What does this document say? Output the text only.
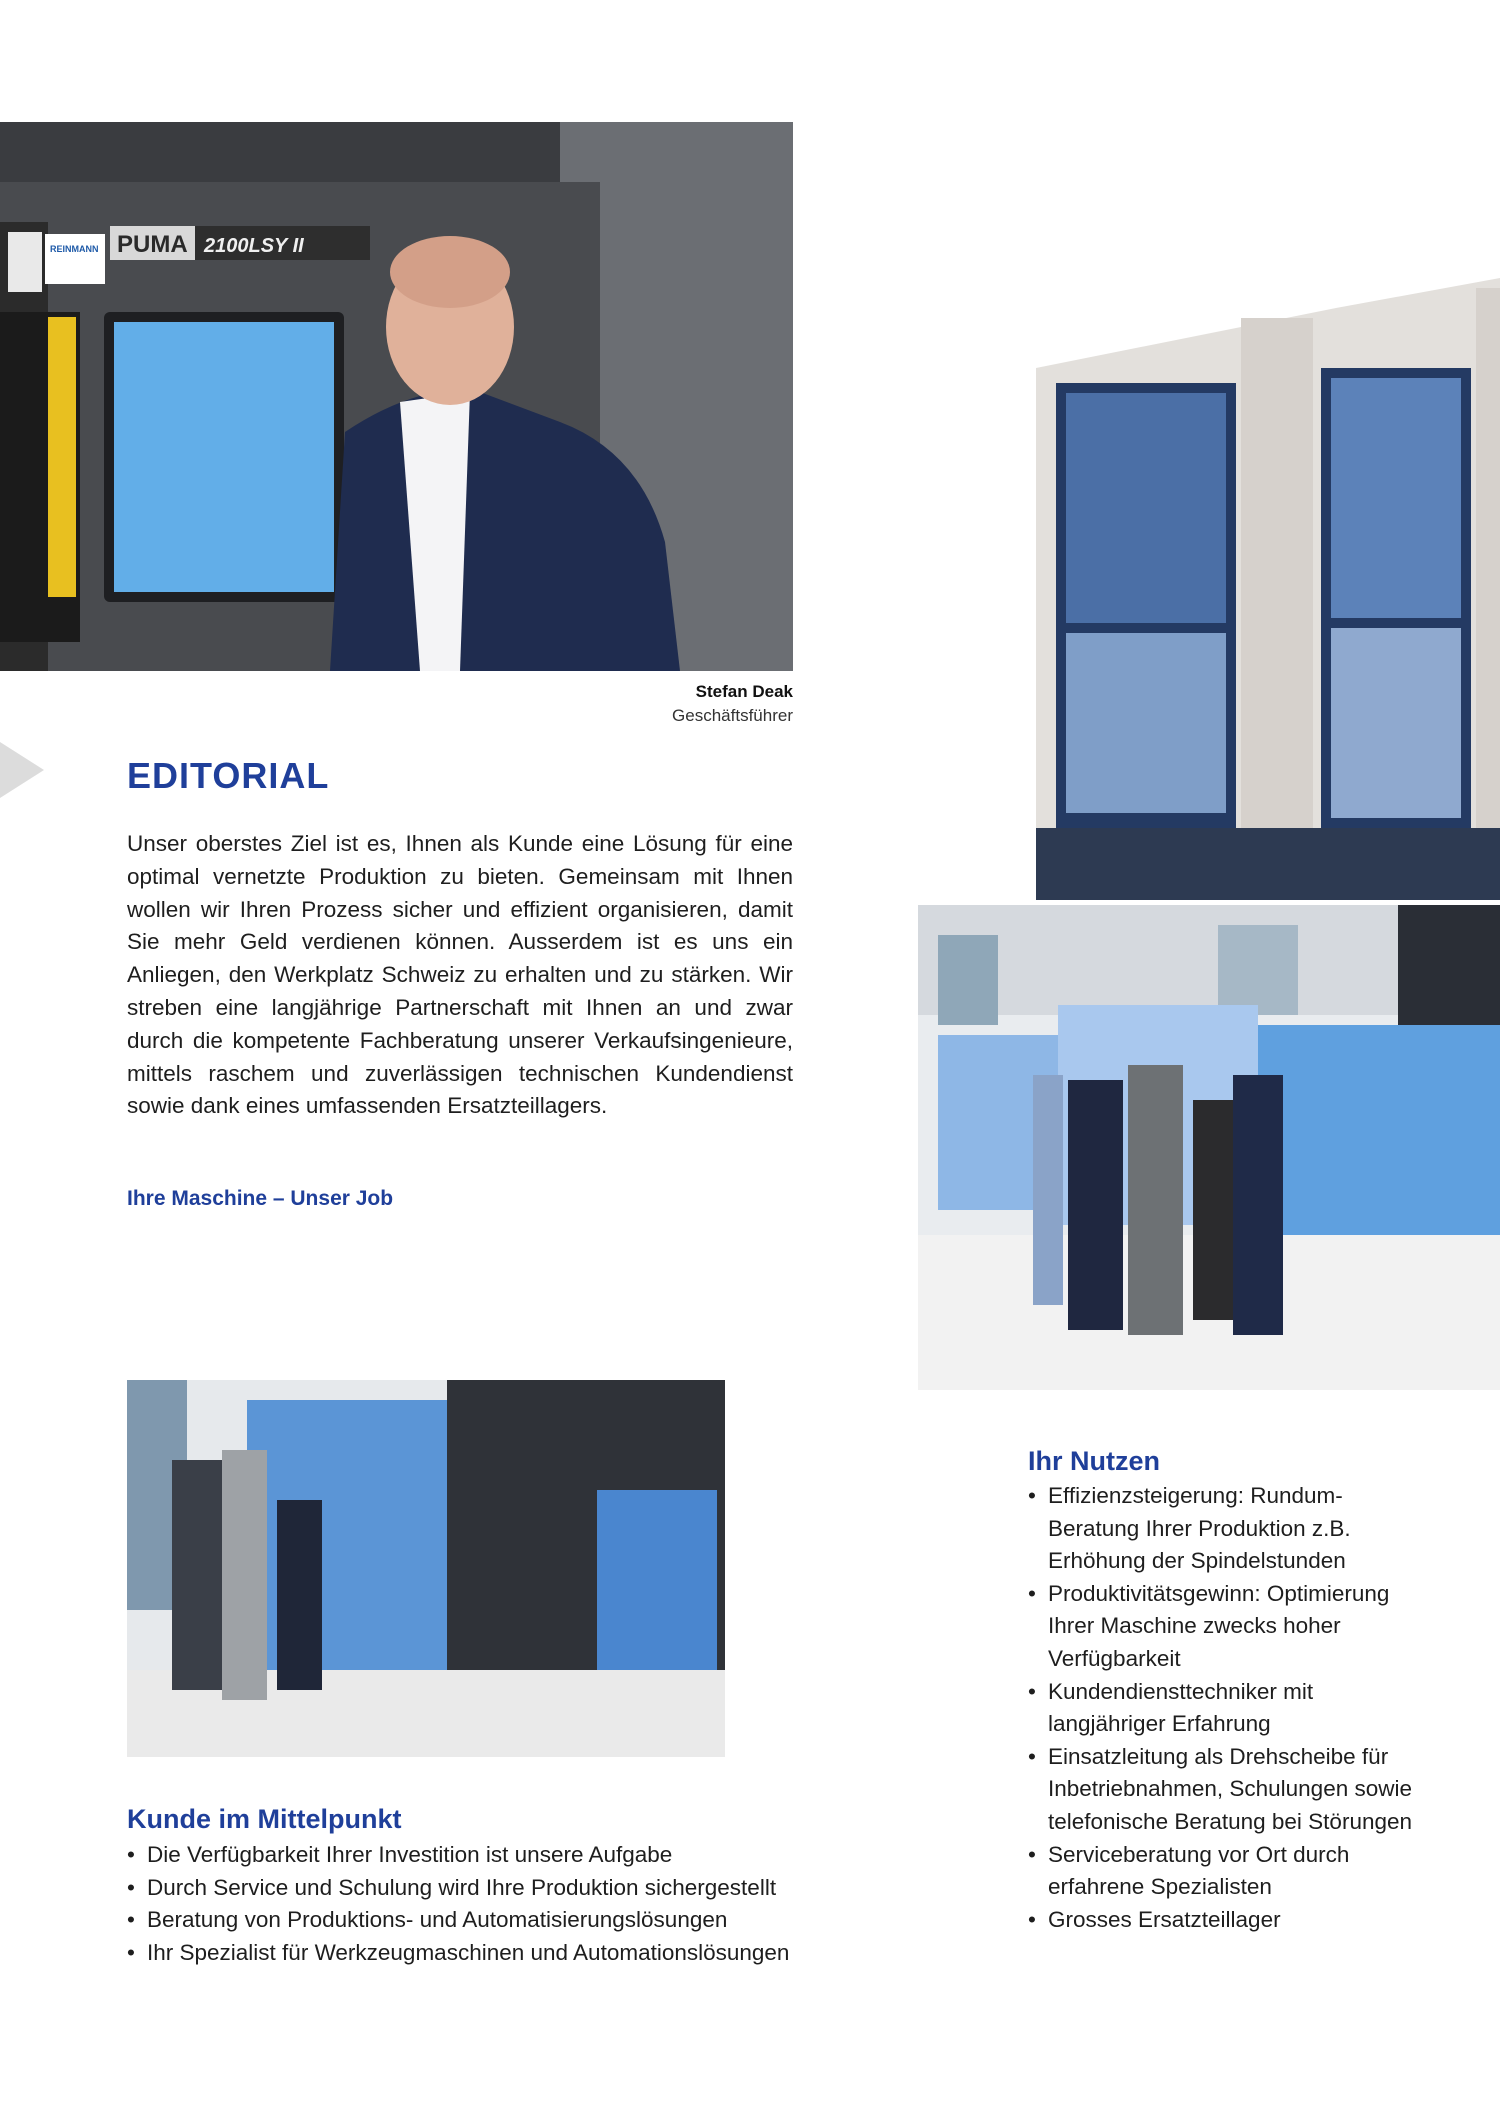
REINMANN PUMA 2100LSY II
Stefan Deak
Geschäftsführer
EDITORIAL

Unser oberstes Ziel ist es, Ihnen als Kunde eine Lösung für eine optimal vernetzte Produktion zu bieten. Gemeinsam mit Ihnen wollen wir Ihren Prozess sicher und effizient organisieren, damit Sie mehr Geld verdienen können. Ausserdem ist es uns ein Anliegen, den Werkplatz Schweiz zu erhalten und zu stärken. Wir streben eine langjährige Partnerschaft mit Ihnen an und zwar durch die kompetente Fachberatung unserer Verkaufsingenieure, mittels raschem und zuverlässigen technischen Kundendienst sowie dank eines umfassenden Ersatzteillagers.

Ihre Maschine – Unser Job
Kunde im Mittelpunkt
• Die Verfügbarkeit Ihrer Investition ist unsere Aufgabe
• Durch Service und Schulung wird Ihre Produktion sichergestellt
• Beratung von Produktions- und Automatisierungslösungen
• Ihr Spezialist für Werkzeugmaschinen und Automationslösungen
Ihr Nutzen
• Effizienzsteigerung: Rundum-Beratung Ihrer Produktion z.B. Erhöhung der Spindelstunden
• Produktivitätsgewinn: Optimierung Ihrer Maschine zwecks hoher Verfügbarkeit
• Kundendiensttechniker mit langjähriger Erfahrung
• Einsatzleitung als Drehscheibe für Inbetriebnahmen, Schulungen sowie telefonische Beratung bei Störungen
• Serviceberatung vor Ort durch erfahrene Spezialisten
• Grosses Ersatzteillager
